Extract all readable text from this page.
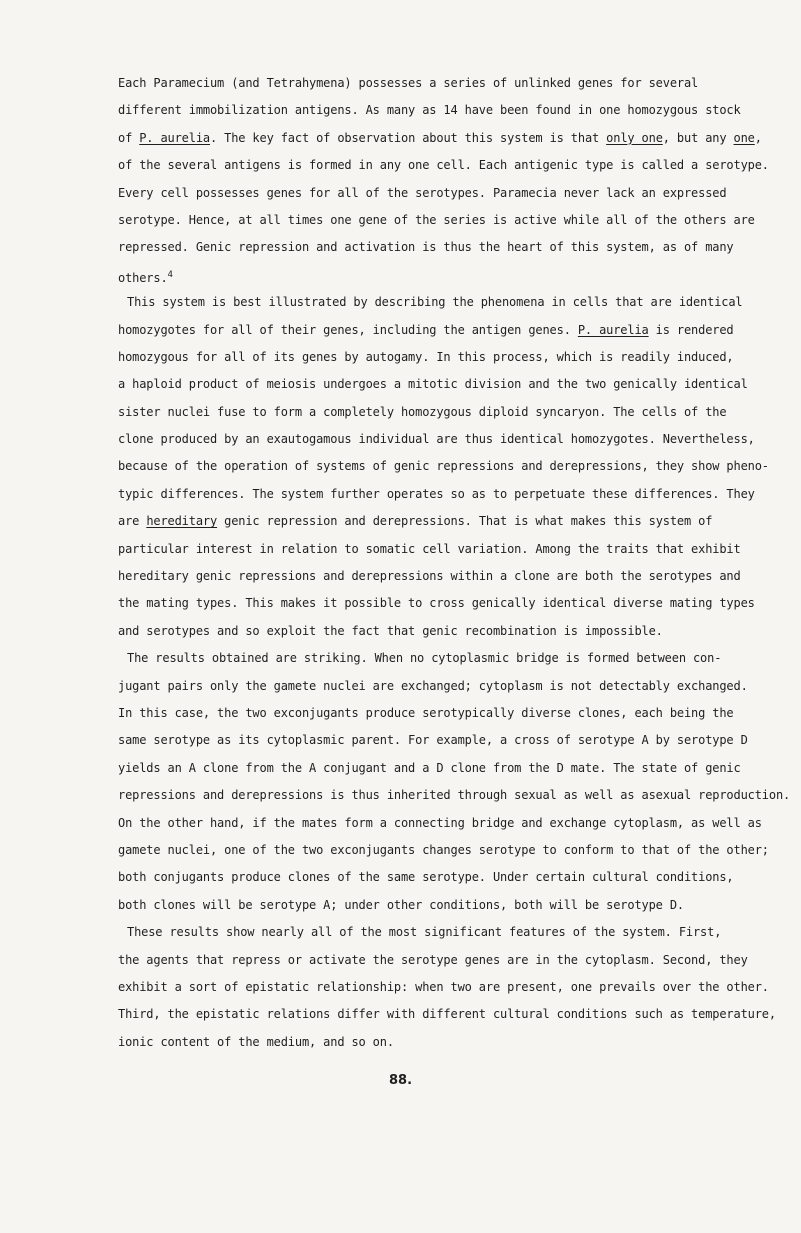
Each Paramecium (and Tetrahymena) possesses a series of unlinked genes for several
different immobilization antigens. As many as 14 have been found in one homozygous stock
of P. aurelia. The key fact of observation about this system is that only one, but any one,
of the several antigens is formed in any one cell. Each antigenic type is called a serotype.
Every cell possesses genes for all of the serotypes. Paramecia never lack an expressed
serotype. Hence, at all times one gene of the series is active while all of the others are
repressed. Genic repression and activation is thus the heart of this system, as of many
others.$^4$
This system is best illustrated by describing the phenomena in cells that are identical
homozygotes for all of their genes, including the antigen genes. P. aurelia is rendered
homozygous for all of its genes by autogamy. In this process, which is readily induced,
a haploid product of meiosis undergoes a mitotic division and the two genically identical
sister nuclei fuse to form a completely homozygous diploid syncaryon. The cells of the
clone produced by an exautogamous individual are thus identical homozygotes. Nevertheless,
because of the operation of systems of genic repressions and derepressions, they show pheno-
typic differences. The system further operates so as to perpetuate these differences. They
are hereditary genic repression and derepressions. That is what makes this system of
particular interest in relation to somatic cell variation. Among the traits that exhibit
hereditary genic repressions and derepressions within a clone are both the serotypes and
the mating types. This makes it possible to cross genically identical diverse mating types
and serotypes and so exploit the fact that genic recombination is impossible.
The results obtained are striking. When no cytoplasmic bridge is formed between con-
jugant pairs only the gamete nuclei are exchanged; cytoplasm is not detectably exchanged.
In this case, the two exconjugants produce serotypically diverse clones, each being the
same serotype as its cytoplasmic parent. For example, a cross of serotype A by serotype D
yields an A clone from the A conjugant and a D clone from the D mate. The state of genic
repressions and derepressions is thus inherited through sexual as well as asexual reproduction.
On the other hand, if the mates form a connecting bridge and exchange cytoplasm, as well as
gamete nuclei, one of the two exconjugants changes serotype to conform to that of the other;
both conjugants produce clones of the same serotype. Under certain cultural conditions,
both clones will be serotype A; under other conditions, both will be serotype D.
These results show nearly all of the most significant features of the system. First,
the agents that repress or activate the serotype genes are in the cytoplasm. Second, they
exhibit a sort of epistatic relationship: when two are present, one prevails over the other.
Third, the epistatic relations differ with different cultural conditions such as temperature,
ionic content of the medium, and so on.
88.
